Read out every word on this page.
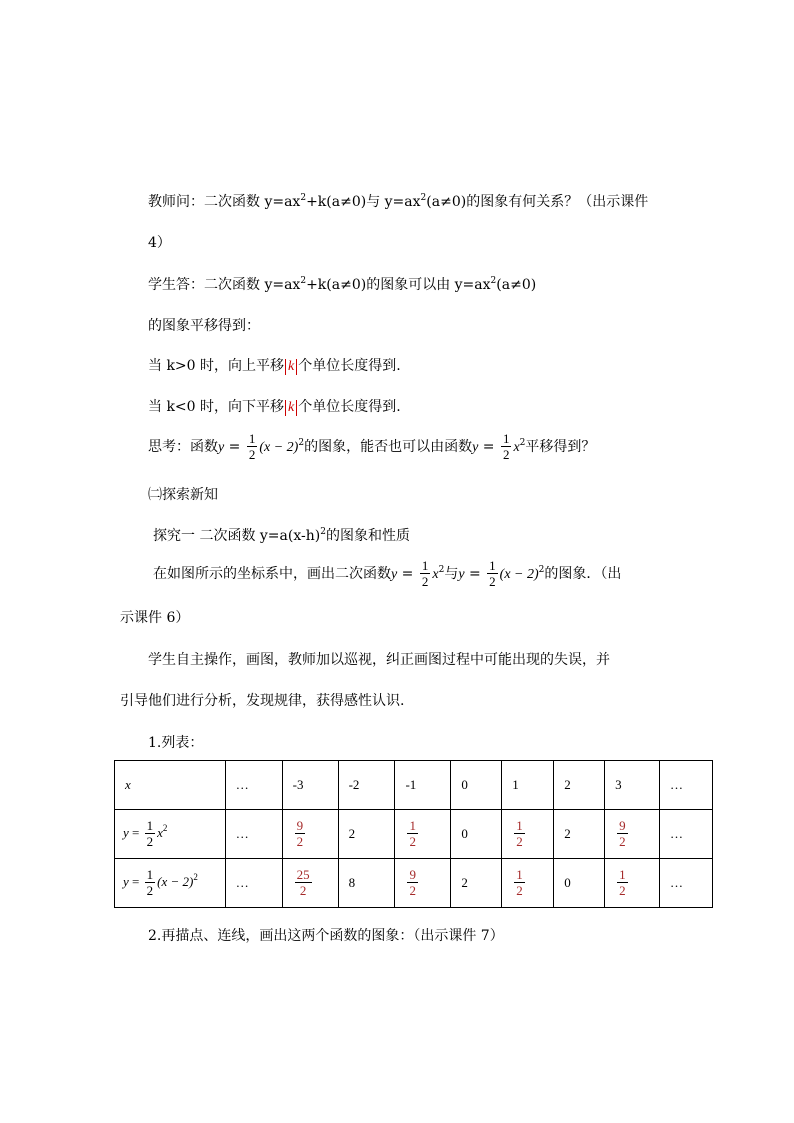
教师问：二次函数 $y=ax^2+k(a\ne 0)$与 $y=ax^2(a\ne 0)$的图象有何关系？（出示课件
4）
学生答：二次函数 $y=ax^2+k(a\ne 0)$的图象可以由 $y=ax^2(a\ne 0)$
的图象平移得到：
当 k>0 时，向上平移 k 个单位长度得到.
当 k<0 时，向下平移 k 个单位长度得到.
思考：函数$y = \frac{1}{2} (x - 2)^2$的图象，能否也可以由函数$y = \frac{1}{2} x^2$平移得到？
㈡探索新知
探究一 二次函数 $y=a(x-h)^2$的图象和性质
在如图所示的坐标系中，画出二次函数$y = \frac{1}{2} x^2$与$y = \frac{1}{2} (x - 2)^2$的图象．（出
示课件 6）
学生自主操作，画图，教师加以巡视，纠正画图过程中可能出现的失误，并
引导他们进行分析，发现规律，获得感性认识.
1.列表：
x	…	-3	-2	-1	0	1	2	3	…
$y = \frac{1}{2} x^2$	…	$\frac{9}{2}$	2	$\frac{1}{2}$	0	$\frac{1}{2}$	2	$\frac{9}{2}$	…
$y = \frac{1}{2} (x - 2)^2$	…	$\frac{25}{2}$	8	$\frac{9}{2}$	2	$\frac{1}{2}$	0	$\frac{1}{2}$	…
2.再描点、连线，画出这两个函数的图象：（出示课件 7）
